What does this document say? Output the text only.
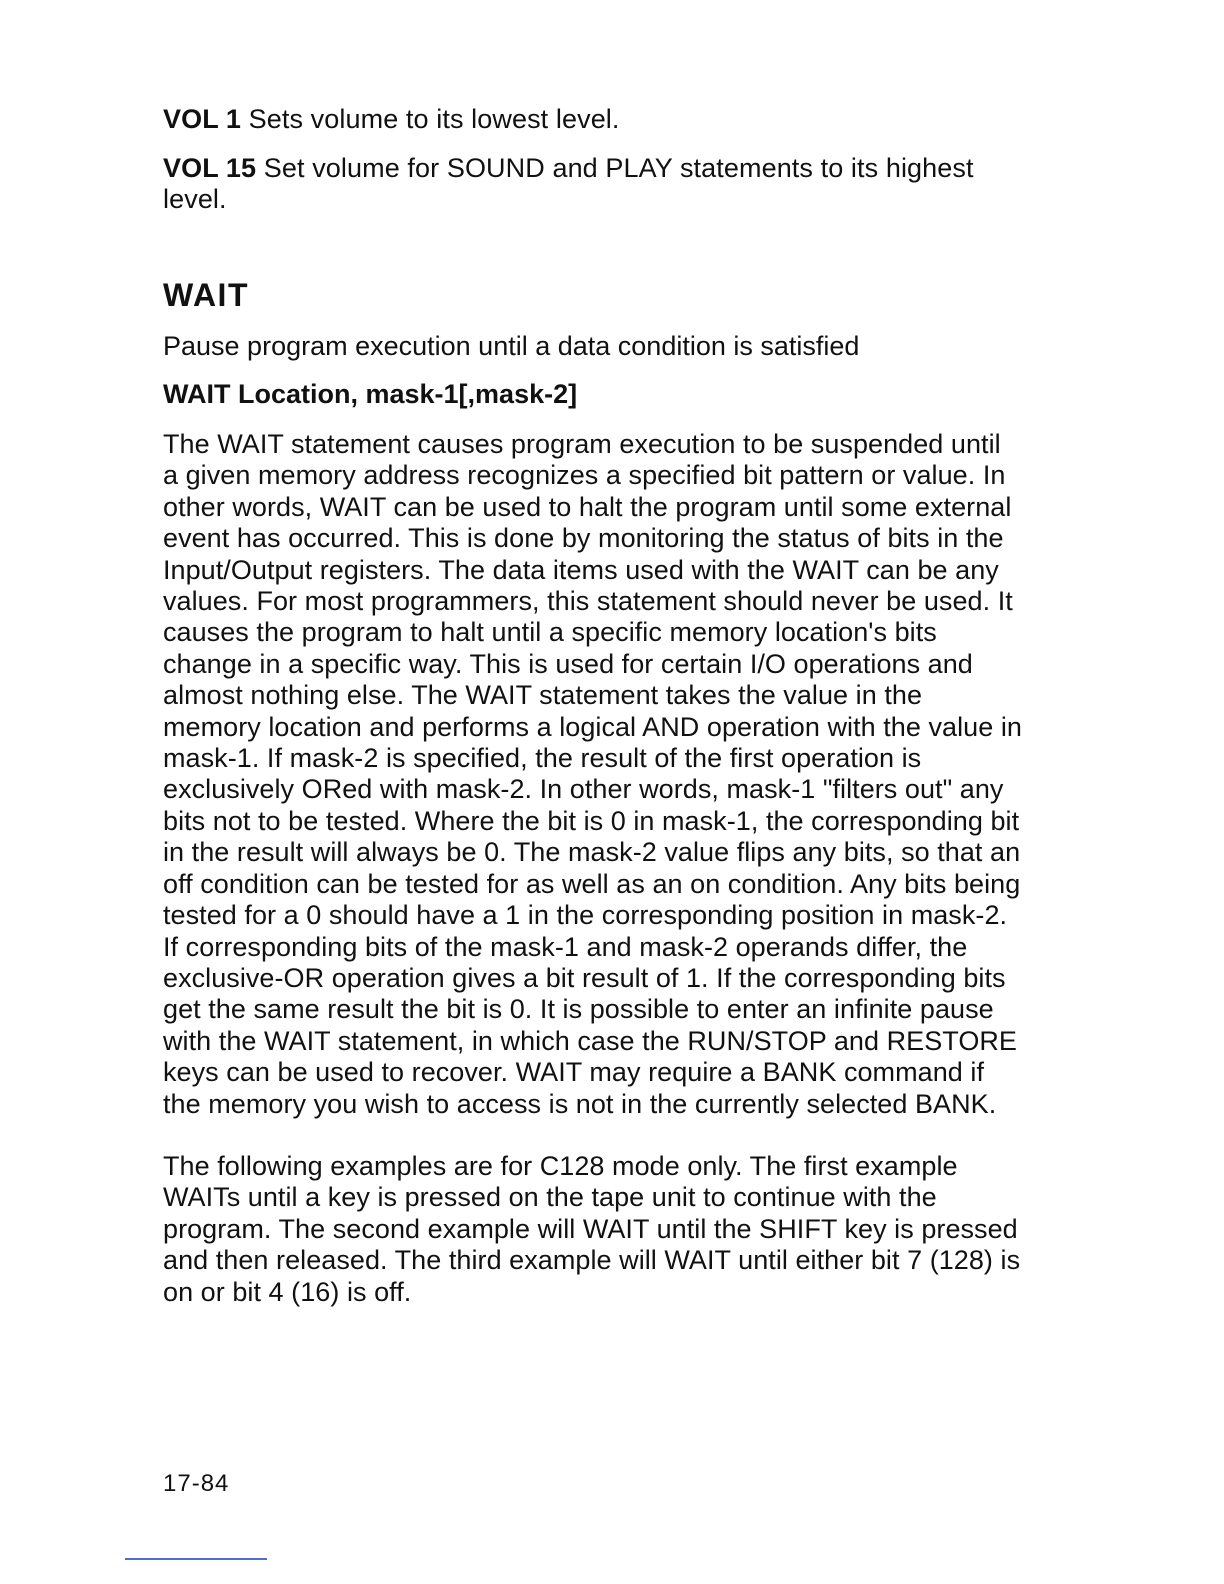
VOL 1 Sets volume to its lowest level.

VOL 15 Set volume for SOUND and PLAY statements to its highest level.

WAIT

Pause program execution until a data condition is satisfied

WAIT Location, mask-1[,mask-2]

The WAIT statement causes program execution to be suspended until a given memory address recognizes a specified bit pattern or value. In other words, WAIT can be used to halt the program until some external event has occurred. This is done by monitoring the status of bits in the Input/Output registers. The data items used with the WAIT can be any values. For most programmers, this statement should never be used. It causes the program to halt until a specific memory location's bits change in a specific way. This is used for certain I/O operations and almost nothing else. The WAIT statement takes the value in the memory location and performs a logical AND operation with the value in mask-1. If mask-2 is specified, the result of the first operation is exclusively ORed with mask-2. In other words, mask-1 "filters out" any bits not to be tested. Where the bit is 0 in mask-1, the corresponding bit in the result will always be 0. The mask-2 value flips any bits, so that an off condition can be tested for as well as an on condition. Any bits being tested for a 0 should have a 1 in the corresponding position in mask-2. If corresponding bits of the mask-1 and mask-2 operands differ, the exclusive-OR operation gives a bit result of 1. If the corresponding bits get the same result the bit is 0. It is possible to enter an infinite pause with the WAIT statement, in which case the RUN/STOP and RESTORE keys can be used to recover. WAIT may require a BANK command if the memory you wish to access is not in the currently selected BANK.

The following examples are for C128 mode only. The first example WAITs until a key is pressed on the tape unit to continue with the program. The second example will WAIT until the SHIFT key is pressed and then released. The third example will WAIT until either bit 7 (128) is on or bit 4 (16) is off.

17-84
